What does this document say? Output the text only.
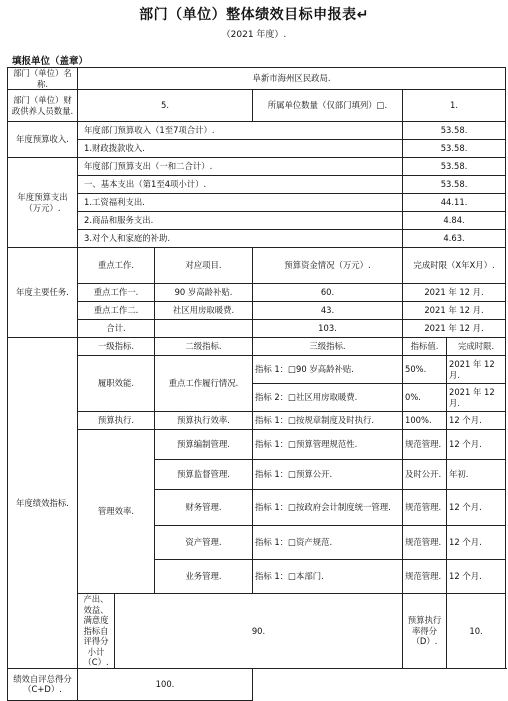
部门（单位）整体绩效目标申报表↵
（2021 年度）.
填报单位（盖章）
部门（单位）名称.	阜新市海州区民政局.					
部门（单位）财政供养人员数量.	5.			所属单位数量（仅部门填列）□.	1.	
年度预算收入.	年度部门预算收入（1至7项合计）.				53.58.	
	1.财政拨款收入.				53.58.	
年度预算支出（万元）.	年度部门预算支出（一和二合计）.				53.58.	
	一、基本支出（第1至4项小计）.				53.58.	
	1.工资福利支出.				44.11.	
	2.商品和服务支出.				4.84.	
	3.对个人和家庭的补助.				4.63.	
年度主要任务.	重点工作.		对应项目.	预算资金情况（万元）.	完成时限（X年X月）.	
	重点工作一.		90 岁高龄补贴.	60.	2021 年 12 月.	
	重点工作二.		社区用房取暖费.	43.	2021 年 12 月.	
	合计.			103.	2021 年 12 月.	
年度绩效指标.	一级指标.		二级指标.	三级指标.	指标值.	完成时限.
	履职效能.		重点工作履行情况.	指标 1：□90 岁高龄补贴.	50%.	2021 年 12 月.
				指标 2：□社区用房取暖费.	0%.	2021 年 12 月.
	预算执行.		预算执行效率.	指标 1：□按规章制度及时执行.	100%.	12 个月.
	管理效率.		预算编制管理.	指标 1：□预算管理规范性.	规范管理.	12 个月.
			预算监督管理.	指标 1：□预算公开.	及时公开.	年初.
			财务管理.	指标 1：□按政府会计制度统一管理.	规范管理.	12 个月.
			资产管理.	指标 1：□资产规范.	规范管理.	12 个月.
			业务管理.	指标 1：□本部门.	规范管理.	12 个月.
	产出、效益、满意度指标自评得分小计（C）.	90.			预算执行率得分（D）.	10.
绩效自评总得分（C+D）.	100.					
